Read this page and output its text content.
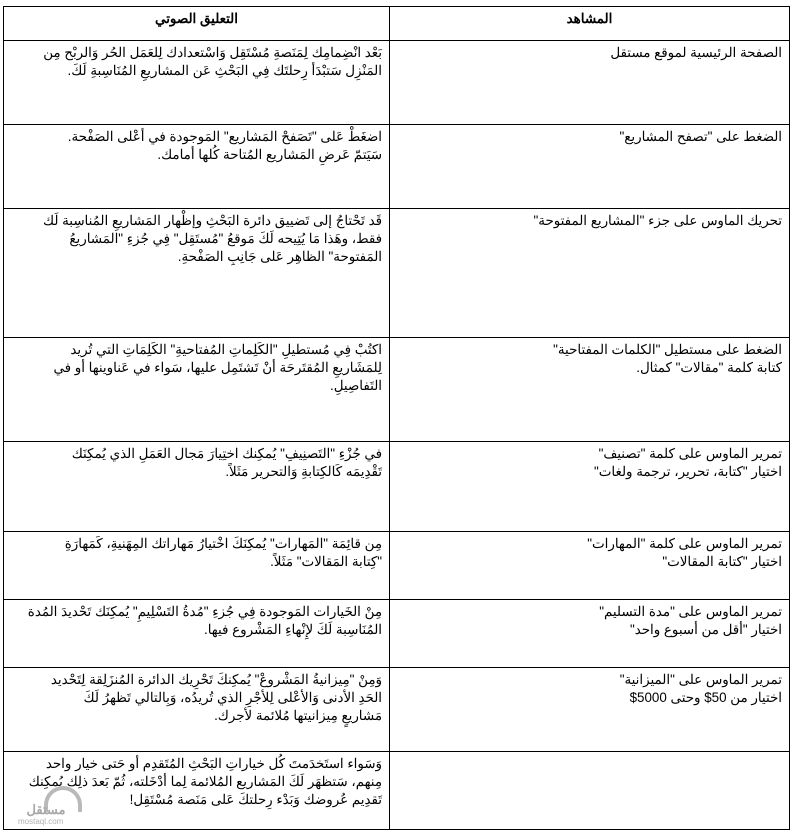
المشاهد	التعليق الصوتي

الصفحة الرئيسية لموقع مستقل	بَعْد انْضِمامِك لِمَنَصةِ مُسْتَقِل وَاسْتعدادك لِلعَمَل الحُر وَالربْح مِن
المَنْزِل سَتبْدَأ رِحلتَك فِي البَحْثِ عَن المشاريعِ المُنَاسِبةِ لَكَ.

الضغط على "تصفح المشاريع"	اضغَطْ عَلى "تَصَفحْ المَشاريع" المَوجودة في أعْلى الصَفْحة.
سَيَتمّ عَرضِ المَشاريع المُتاحة كُلها أمامك.

تحريك الماوس على جزء "المشاريع المفتوحة"	قَد تَحْتاجُ إلى تَضييق دائرة البَحْثِ وإظْهار المَشاريعِ المُناسِبة لَك
فقط، وهَذا مَا يُتِيحه لَكَ مَوقعُ "مُستَقِل" فِي جُزءِ "المَشاريعُ
المَفتوحة" الظاهِر عَلى جَانِبِ الصَفْحةِ.

الضغط على مستطيل "الكلمات المفتاحية"
كتابة كلمة "مقالات" كمثال.	اكتُبْ فِي مُستطيلِ "الكَلِماتِ المُفتاحيةِ" الكَلِمَاتِ التي تُريد
لِلمَشَاريعِ المُقتَرحَة أنْ تَشتَمِل عليها، سَواء في عَناوينها أو في
التَفاصِيلِ.

تمرير الماوس على كلمة "تصنيف"
اختيار "كتابة، تحرير، ترجمة ولغات"	في جُزْءِ "التَصنِيفِ" يُمكِنك اختِيارَ مَجال العَمَلِ الذي يُمكِنَك
تَقْدِيمَه كَالكِتابةِ وَالتحرير مَثَلاً.

تمرير الماوس على كلمة "المهارات"
اختيار "كتابة المقالات"	مِن قائِمَة "المَهارات" يُمكِنَكَ اخْتيارُ مَهاراتك المِهَنيةِ، كَمَهارَةِ
"كِتابة المَقالات" مَثَلاً.

تمرير الماوس على "مدة التسليم"
اختيار "أقل من أسبوع واحد"	مِنْ الخَيارات المَوجودة فِي جُزءِ "مُدةُ التَسْلِيمِ" يُمكِنَك تَحْديدَ المُدة
المُنَاسِبة لَكَ لإِنْهاءِ المَشْروع فيها.

تمرير الماوس على "الميزانية"
اختيار من 50$ وحتى 5000$	وَمِنْ "مِيزانيةُ المَشْروعْ" يُمكِنكَ تَحْرِيك الدائرة المُنزَلِقة لِتَحْديد
الحَدِ الأدنى وَالأعْلى لِلأجْرِ الذي تُريدُه، وَبِالتالي تَظهرُ لَكَ
مَشاريعٍ مِيزانيتها مُلائمة لأجرك.

	وَسَواء استَخدَمتَ كُل خياراتِ البَحْثِ المُتَقدِم أو حَتى خيار واحد
مِنهم، سَتظهَر لَكَ المَشاريع المُلائمة لِما أدْخَلته، ثُمّ بَعدَ ذلِك يُمكِنك
تَقدِيم عُروضك وَبَدْء رِحلتكَ عَلى مَنَصة مُسْتَقِل!
مستقل
mostaql.com
